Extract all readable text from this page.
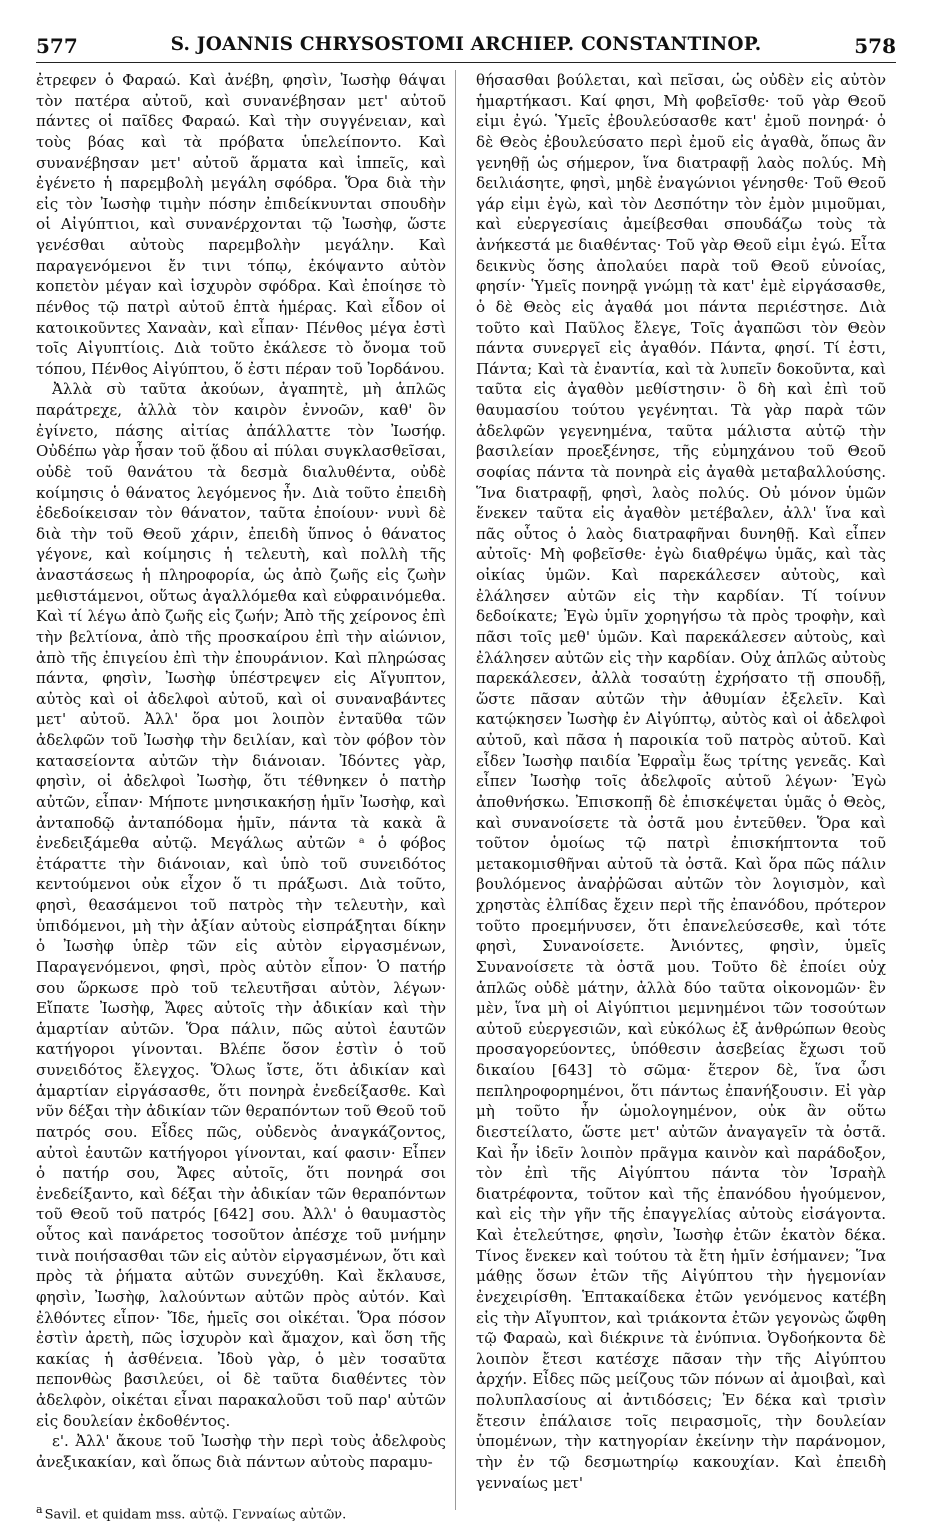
577	S. JOANNIS CHRYSOSTOMI ARCHIEP. CONSTANTINOP.	578

ἐτρεφεν ὁ Φαραώ. Καὶ ἀνέβη, φησὶν, Ἰωσὴφ θάψαι τὸν πατέρα αὐτοῦ, καὶ συνανέβησαν μετ' αὐτοῦ πάντες οἱ παῖδες Φαραώ. Καὶ τὴν συγγένειαν, καὶ τοὺς βόας καὶ τὰ πρόβατα ὑπελείποντο. Καὶ συνανέβησαν μετ' αὐτοῦ ἅρματα καὶ ἱππεῖς, καὶ ἐγένετο ἡ παρεμβολὴ μεγάλη σφόδρα. Ὅρα διὰ τὴν εἰς τὸν Ἰωσὴφ τιμὴν πόσην ἐπιδείκνυνται σπουδὴν οἱ Αἰγύπτιοι, καὶ συνανέρχονται τῷ Ἰωσὴφ, ὥστε γενέσθαι αὐτοὺς παρεμβολὴν μεγάλην. Καὶ παραγενόμενοι ἔν τινι τόπῳ, ἐκόψαντο αὐτὸν κοπετὸν μέγαν καὶ ἰσχυρὸν σφόδρα. Καὶ ἐποίησε τὸ πένθος τῷ πατρὶ αὐτοῦ ἑπτὰ ἡμέρας. Καὶ εἶδον οἱ κατοικοῦντες Χαναὰν, καὶ εἶπαν· Πένθος μέγα ἐστὶ τοῖς Αἰγυπτίοις. Διὰ τοῦτο ἐκάλεσε τὸ ὄνομα τοῦ τόπου, Πένθος Αἰγύπτου, ὅ ἐστι πέραν τοῦ Ἰορδάνου.

Ἀλλὰ σὺ ταῦτα ἀκούων, ἀγαπητὲ, μὴ ἁπλῶς παράτρεχε, ἀλλὰ τὸν καιρὸν ἐννοῶν, καθ' ὃν ἐγίνετο, πάσης αἰτίας ἀπάλλαττε τὸν Ἰωσήφ. Οὐδέπω γὰρ ἦσαν τοῦ ᾅδου αἱ πύλαι συγκλασθεῖσαι, οὐδὲ τοῦ θανάτου τὰ δεσμὰ διαλυθέντα, οὐδὲ κοίμησις ὁ θάνατος λεγόμενος ἦν. Διὰ τοῦτο ἐπειδὴ ἐδεδοίκεισαν τὸν θάνατον, ταῦτα ἐποίουν· νυνὶ δὲ διὰ τὴν τοῦ Θεοῦ χάριν, ἐπειδὴ ὕπνος ὁ θάνατος γέγονε, καὶ κοίμησις ἡ τελευτὴ, καὶ πολλὴ τῆς ἀναστάσεως ἡ πληροφορία, ὡς ἀπὸ ζωῆς εἰς ζωὴν μεθιστάμενοι, οὕτως ἀγαλλόμεθα καὶ εὐφραινόμεθα. Καὶ τί λέγω ἀπὸ ζωῆς εἰς ζωήν; Ἀπὸ τῆς χείρονος ἐπὶ τὴν βελτίονα, ἀπὸ τῆς προσκαίρου ἐπὶ τὴν αἰώνιον, ἀπὸ τῆς ἐπιγείου ἐπὶ τὴν ἐπουράνιον. Καὶ πληρώσας πάντα, φησὶν, Ἰωσὴφ ὑπέστρεψεν εἰς Αἴγυπτον, αὐτὸς καὶ οἱ ἀδελφοὶ αὐτοῦ, καὶ οἱ συναναβάντες μετ' αὐτοῦ. Ἀλλ' ὅρα μοι λοιπὸν ἐνταῦθα τῶν ἀδελφῶν τοῦ Ἰωσὴφ τὴν δειλίαν, καὶ τὸν φόβον τὸν κατασείοντα αὐτῶν τὴν διάνοιαν. Ἰδόντες γὰρ, φησὶν, οἱ ἀδελφοὶ Ἰωσὴφ, ὅτι τέθνηκεν ὁ πατὴρ αὐτῶν, εἶπαν· Μήποτε μνησικακήσῃ ἡμῖν Ἰωσὴφ, καὶ ἀνταποδῷ ἀνταπόδομα ἡμῖν, πάντα τὰ κακὰ ἃ ἐνεδειξάμεθα αὐτῷ. Μεγάλως αὐτῶν ᵃ ὁ φόβος ἐτάραττε τὴν διάνοιαν, καὶ ὑπὸ τοῦ συνειδότος κεντούμενοι οὐκ εἶχον ὅ τι πράξωσι. Διὰ τοῦτο, φησὶ, θεασάμενοι τοῦ πατρὸς τὴν τελευτὴν, καὶ ὑπιδόμενοι, μὴ τὴν ἀξίαν αὐτοὺς εἰσπράξηται δίκην ὁ Ἰωσὴφ ὑπὲρ τῶν εἰς αὐτὸν εἰργασμένων, Παραγενόμενοι, φησὶ, πρὸς αὐτὸν εἶπον· Ὁ πατήρ σου ὥρκωσε πρὸ τοῦ τελευτῆσαι αὐτὸν, λέγων· Εἴπατε Ἰωσὴφ, Ἄφες αὐτοῖς τὴν ἀδικίαν καὶ τὴν ἁμαρτίαν αὐτῶν. Ὅρα πάλιν, πῶς αὐτοὶ ἑαυτῶν κατήγοροι γίνονται. Βλέπε ὅσον ἐστὶν ὁ τοῦ συνειδότος ἔλεγχος. Ὅλως ἴστε, ὅτι ἀδικίαν καὶ ἁμαρτίαν εἰργάσασθε, ὅτι πονηρὰ ἐνεδείξασθε. Καὶ νῦν δέξαι τὴν ἀδικίαν τῶν θεραπόντων τοῦ Θεοῦ τοῦ πατρός σου. Εἶδες πῶς, οὐδενὸς ἀναγκάζοντος, αὐτοὶ ἑαυτῶν κατήγοροι γίνονται, καί φασιν· Εἶπεν ὁ πατήρ σου, Ἄφες αὐτοῖς, ὅτι πονηρά σοι ἐνεδείξαντο, καὶ δέξαι τὴν ἀδικίαν τῶν θεραπόντων τοῦ Θεοῦ τοῦ πατρός [642] σου. Ἀλλ' ὁ θαυμαστὸς οὗτος καὶ πανάρετος τοσοῦτον ἀπέσχε τοῦ μνήμην τινὰ ποιήσασθαι τῶν εἰς αὐτὸν εἰργασμένων, ὅτι καὶ πρὸς τὰ ῥήματα αὐτῶν συνεχύθη. Καὶ ἔκλαυσε, φησὶν, Ἰωσὴφ, λαλούντων αὐτῶν πρὸς αὐτόν. Καὶ ἐλθόντες εἶπον· Ἴδε, ἡμεῖς σοι οἰκέται. Ὅρα πόσον ἐστὶν ἀρετὴ, πῶς ἰσχυρὸν καὶ ἄμαχον, καὶ ὅση τῆς κακίας ἡ ἀσθένεια. Ἰδοὺ γὰρ, ὁ μὲν τοσαῦτα πεπονθὼς βασιλεύει, οἱ δὲ ταῦτα διαθέντες τὸν ἀδελφὸν, οἰκέται εἶναι παρακαλοῦσι τοῦ παρ' αὐτῶν εἰς δουλείαν ἐκδοθέντος.

ε'. Ἀλλ' ἄκουε τοῦ Ἰωσὴφ τὴν περὶ τοὺς ἀδελφοὺς ἀνεξικακίαν, καὶ ὅπως διὰ πάντων αὐτοὺς παραμυ-

θήσασθαι βούλεται, καὶ πεῖσαι, ὡς οὐδὲν εἰς αὐτὸν ἡμαρτήκασι. Καί φησι, Μὴ φοβεῖσθε· τοῦ γὰρ Θεοῦ εἰμι ἐγώ. Ὑμεῖς ἐβουλεύσασθε κατ' ἐμοῦ πονηρά· ὁ δὲ Θεὸς ἐβουλεύσατο περὶ ἐμοῦ εἰς ἀγαθὰ, ὅπως ἂν γενηθῇ ὡς σήμερον, ἵνα διατραφῇ λαὸς πολύς. Μὴ δειλιάσητε, φησὶ, μηδὲ ἐναγώνιοι γένησθε· Τοῦ Θεοῦ γάρ εἰμι ἐγὼ, καὶ τὸν Δεσπότην τὸν ἐμὸν μιμοῦμαι, καὶ εὐεργεσίαις ἀμείβεσθαι σπουδάζω τοὺς τὰ ἀνήκεστά με διαθέντας· Τοῦ γὰρ Θεοῦ εἰμι ἐγώ. Εἶτα δεικνὺς ὅσης ἀπολαύει παρὰ τοῦ Θεοῦ εὐνοίας, φησίν· Ὑμεῖς πονηρᾷ γνώμῃ τὰ κατ' ἐμὲ εἰργάσασθε, ὁ δὲ Θεὸς εἰς ἀγαθά μοι πάντα περιέστησε. Διὰ τοῦτο καὶ Παῦλος ἔλεγε, Τοῖς ἀγαπῶσι τὸν Θεὸν πάντα συνεργεῖ εἰς ἀγαθόν. Πάντα, φησί. Τί ἐστι, Πάντα; Καὶ τὰ ἐναντία, καὶ τὰ λυπεῖν δοκοῦντα, καὶ ταῦτα εἰς ἀγαθὸν μεθίστησιν· ὃ δὴ καὶ ἐπὶ τοῦ θαυμασίου τούτου γεγένηται. Τὰ γὰρ παρὰ τῶν ἀδελφῶν γεγενημένα, ταῦτα μάλιστα αὐτῷ τὴν βασιλείαν προεξένησε, τῆς εὐμηχάνου τοῦ Θεοῦ σοφίας πάντα τὰ πονηρὰ εἰς ἀγαθὰ μεταβαλλούσης. Ἵνα διατραφῇ, φησὶ, λαὸς πολύς. Οὐ μόνον ὑμῶν ἕνεκεν ταῦτα εἰς ἀγαθὸν μετέβαλεν, ἀλλ' ἵνα καὶ πᾶς οὗτος ὁ λαὸς διατραφῆναι δυνηθῇ. Καὶ εἶπεν αὐτοῖς· Μὴ φοβεῖσθε· ἐγὼ διαθρέψω ὑμᾶς, καὶ τὰς οἰκίας ὑμῶν. Καὶ παρεκάλεσεν αὐτοὺς, καὶ ἐλάλησεν αὐτῶν εἰς τὴν καρδίαν. Τί τοίνυν δεδοίκατε; Ἐγὼ ὑμῖν χορηγήσω τὰ πρὸς τροφὴν, καὶ πᾶσι τοῖς μεθ' ὑμῶν. Καὶ παρεκάλεσεν αὐτοὺς, καὶ ἐλάλησεν αὐτῶν εἰς τὴν καρδίαν. Οὐχ ἁπλῶς αὐτοὺς παρεκάλεσεν, ἀλλὰ τοσαύτῃ ἐχρήσατο τῇ σπουδῇ, ὥστε πᾶσαν αὐτῶν τὴν ἀθυμίαν ἐξελεῖν. Καὶ κατῴκησεν Ἰωσὴφ ἐν Αἰγύπτῳ, αὐτὸς καὶ οἱ ἀδελφοὶ αὐτοῦ, καὶ πᾶσα ἡ παροικία τοῦ πατρὸς αὐτοῦ. Καὶ εἶδεν Ἰωσὴφ παιδία Ἐφραῒμ ἕως τρίτης γενεᾶς. Καὶ εἶπεν Ἰωσὴφ τοῖς ἀδελφοῖς αὐτοῦ λέγων· Ἐγὼ ἀποθνήσκω. Ἐπισκοπῇ δὲ ἐπισκέψεται ὑμᾶς ὁ Θεὸς, καὶ συνανοίσετε τὰ ὀστᾶ μου ἐντεῦθεν. Ὅρα καὶ τοῦτον ὁμοίως τῷ πατρὶ ἐπισκήπτοντα τοῦ μετακομισθῆναι αὐτοῦ τὰ ὀστᾶ. Καὶ ὅρα πῶς πάλιν βουλόμενος ἀναῤῥῶσαι αὐτῶν τὸν λογισμὸν, καὶ χρηστὰς ἐλπίδας ἔχειν περὶ τῆς ἐπανόδου, πρότερον τοῦτο προεμήνυσεν, ὅτι ἐπανελεύσεσθε, καὶ τότε φησὶ, Συνανοίσετε. Ἀνιόντες, φησὶν, ὑμεῖς Συνανοίσετε τὰ ὀστᾶ μου. Τοῦτο δὲ ἐποίει οὐχ ἁπλῶς οὐδὲ μάτην, ἀλλὰ δύο ταῦτα οἰκονομῶν· ἓν μὲν, ἵνα μὴ οἱ Αἰγύπτιοι μεμνημένοι τῶν τοσούτων αὐτοῦ εὐεργεσιῶν, καὶ εὐκόλως ἐξ ἀνθρώπων θεοὺς προσαγορεύοντες, ὑπόθεσιν ἀσεβείας ἔχωσι τοῦ δικαίου [643] τὸ σῶμα· ἕτερον δὲ, ἵνα ὦσι πεπληροφορημένοι, ὅτι πάντως ἐπανήξουσιν. Εἰ γὰρ μὴ τοῦτο ἦν ὡμολογημένον, οὐκ ἂν οὕτω διεστείλατο, ὥστε μετ' αὐτῶν ἀναγαγεῖν τὰ ὀστᾶ. Καὶ ἦν ἰδεῖν λοιπὸν πρᾶγμα καινὸν καὶ παράδοξον, τὸν ἐπὶ τῆς Αἰγύπτου πάντα τὸν Ἰσραὴλ διατρέφοντα, τοῦτον καὶ τῆς ἐπανόδου ἡγούμενον, καὶ εἰς τὴν γῆν τῆς ἐπαγγελίας αὐτοὺς εἰσάγοντα. Καὶ ἐτελεύτησε, φησὶν, Ἰωσὴφ ἐτῶν ἑκατὸν δέκα. Τίνος ἕνεκεν καὶ τούτου τὰ ἔτη ἡμῖν ἐσήμανεν; Ἵνα μάθῃς ὅσων ἐτῶν τῆς Αἰγύπτου τὴν ἡγεμονίαν ἐνεχειρίσθη. Ἑπτακαίδεκα ἐτῶν γενόμενος κατέβη εἰς τὴν Αἴγυπτον, καὶ τριάκοντα ἐτῶν γεγονὼς ὤφθη τῷ Φαραὼ, καὶ διέκρινε τὰ ἐνύπνια. Ὀγδοήκοντα δὲ λοιπὸν ἔτεσι κατέσχε πᾶσαν τὴν τῆς Αἰγύπτου ἀρχήν. Εἶδες πῶς μείζους τῶν πόνων αἱ ἀμοιβαὶ, καὶ πολυπλασίους αἱ ἀντιδόσεις; Ἐν δέκα καὶ τρισὶν ἔτεσιν ἐπάλαισε τοῖς πειρασμοῖς, τὴν δουλείαν ὑπομένων, τὴν κατηγορίαν ἐκείνην τὴν παράνομον, τὴν ἐν τῷ δεσμωτηρίῳ κακουχίαν. Καὶ ἐπειδὴ γενναίως μετ'

$^a$ Savil. et quidam mss. αὐτῷ. Γενναίως αὐτῶν.
